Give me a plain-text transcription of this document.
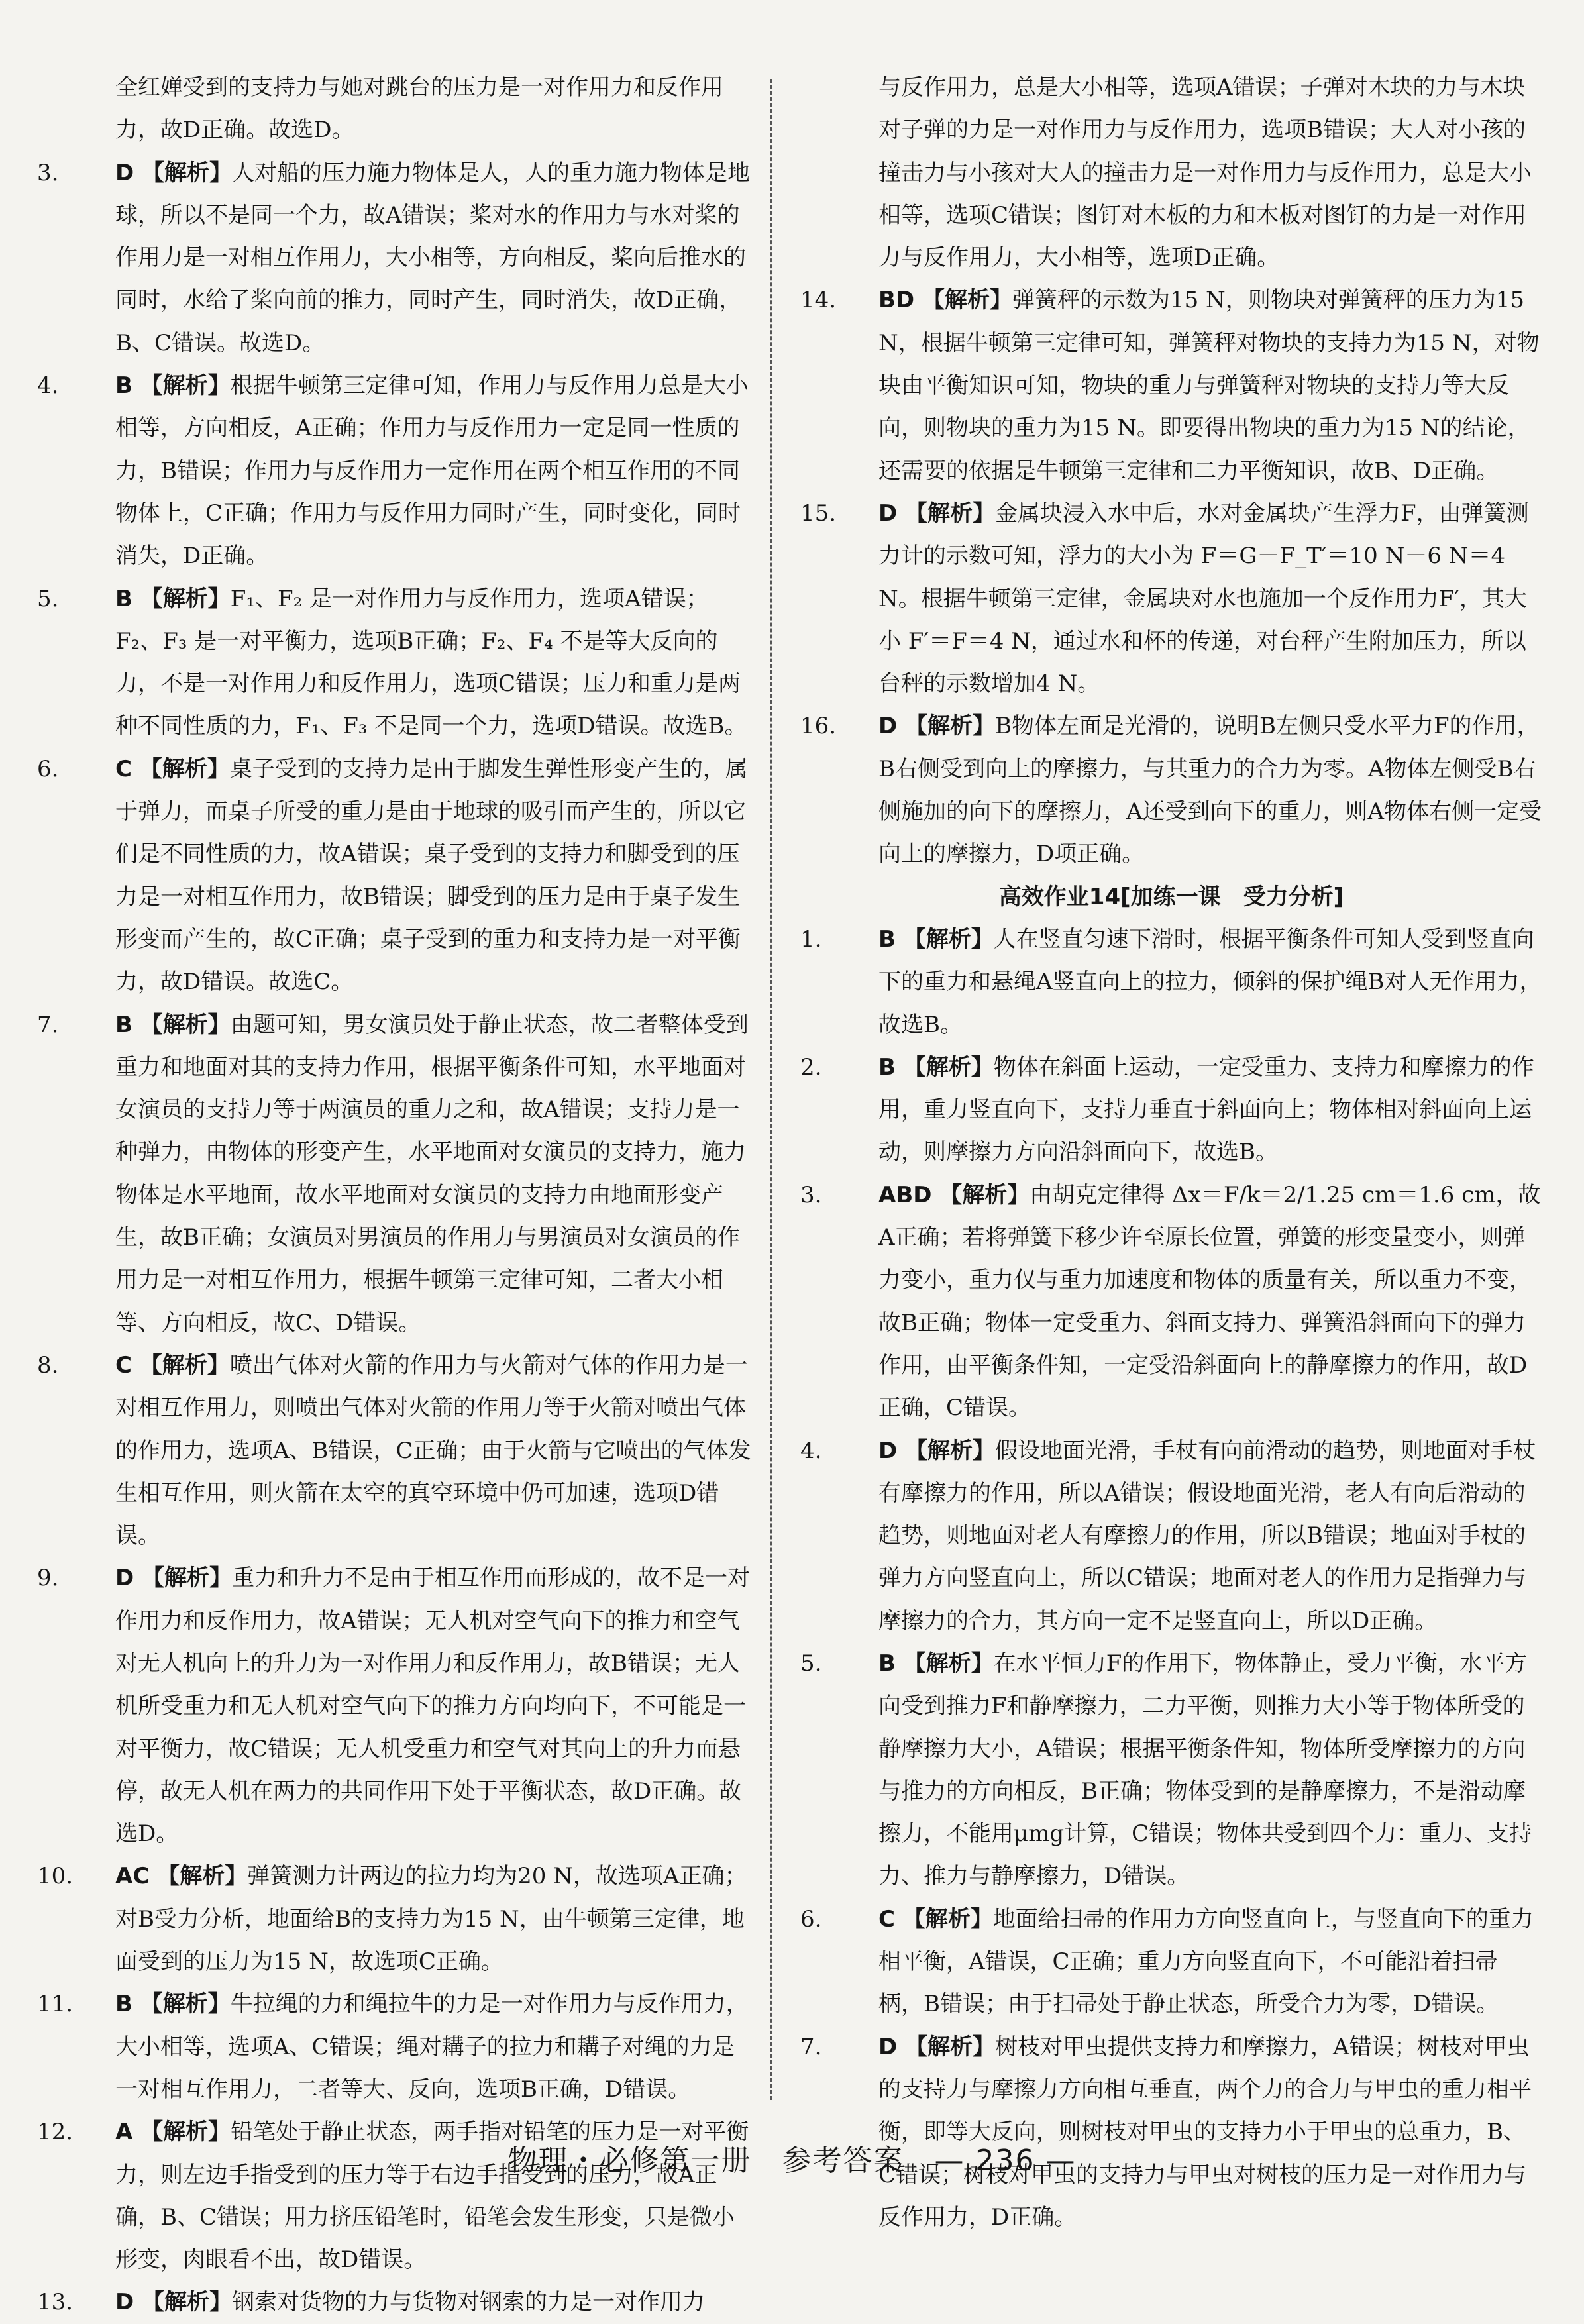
全红婵受到的支持力与她对跳台的压力是一对作用力和反作用力，故D正确。故选D。
3.	D 【解析】人对船的压力施力物体是人，人的重力施力物体是地球，所以不是同一个力，故A错误；桨对水的作用力与水对桨的作用力是一对相互作用力，大小相等，方向相反，桨向后推水的同时，水给了桨向前的推力，同时产生，同时消失，故D正确，B、C错误。故选D。
4.	B 【解析】根据牛顿第三定律可知，作用力与反作用力总是大小相等，方向相反，A正确；作用力与反作用力一定是同一性质的力，B错误；作用力与反作用力一定作用在两个相互作用的不同物体上，C正确；作用力与反作用力同时产生，同时变化，同时消失，D正确。
5.	B 【解析】F₁、F₂ 是一对作用力与反作用力，选项A错误；F₂、F₃ 是一对平衡力，选项B正确；F₂、F₄ 不是等大反向的力，不是一对作用力和反作用力，选项C错误；压力和重力是两种不同性质的力，F₁、F₃ 不是同一个力，选项D错误。故选B。
6.	C 【解析】桌子受到的支持力是由于脚发生弹性形变产生的，属于弹力，而桌子所受的重力是由于地球的吸引而产生的，所以它们是不同性质的力，故A错误；桌子受到的支持力和脚受到的压力是一对相互作用力，故B错误；脚受到的压力是由于桌子发生形变而产生的，故C正确；桌子受到的重力和支持力是一对平衡力，故D错误。故选C。
7.	B 【解析】由题可知，男女演员处于静止状态，故二者整体受到重力和地面对其的支持力作用，根据平衡条件可知，水平地面对女演员的支持力等于两演员的重力之和，故A错误；支持力是一种弹力，由物体的形变产生，水平地面对女演员的支持力，施力物体是水平地面，故水平地面对女演员的支持力由地面形变产生，故B正确；女演员对男演员的作用力与男演员对女演员的作用力是一对相互作用力，根据牛顿第三定律可知，二者大小相等、方向相反，故C、D错误。
8.	C 【解析】喷出气体对火箭的作用力与火箭对气体的作用力是一对相互作用力，则喷出气体对火箭的作用力等于火箭对喷出气体的作用力，选项A、B错误，C正确；由于火箭与它喷出的气体发生相互作用，则火箭在太空的真空环境中仍可加速，选项D错误。
9.	D 【解析】重力和升力不是由于相互作用而形成的，故不是一对作用力和反作用力，故A错误；无人机对空气向下的推力和空气对无人机向上的升力为一对作用力和反作用力，故B错误；无人机所受重力和无人机对空气向下的推力方向均向下，不可能是一对平衡力，故C错误；无人机受重力和空气对其向上的升力而悬停，故无人机在两力的共同作用下处于平衡状态，故D正确。故选D。
10. AC 【解析】弹簧测力计两边的拉力均为20 N，故选项A正确；对B受力分析，地面给B的支持力为15 N，由牛顿第三定律，地面受到的压力为15 N，故选项C正确。
11. B 【解析】牛拉绳的力和绳拉牛的力是一对作用力与反作用力，大小相等，选项A、C错误；绳对耩子的拉力和耩子对绳的力是一对相互作用力，二者等大、反向，选项B正确，D错误。
12. A 【解析】铅笔处于静止状态，两手指对铅笔的压力是一对平衡力，则左边手指受到的压力等于右边手指受到的压力，故A正确，B、C错误；用力挤压铅笔时，铅笔会发生形变，只是微小形变，肉眼看不出，故D错误。
13. D 【解析】钢索对货物的力与货物对钢索的力是一对作用力
与反作用力，总是大小相等，选项A错误；子弹对木块的力与木块对子弹的力是一对作用力与反作用力，选项B错误；大人对小孩的撞击力与小孩对大人的撞击力是一对作用力与反作用力，总是大小相等，选项C错误；图钉对木板的力和木板对图钉的力是一对作用力与反作用力，大小相等，选项D正确。
14. BD 【解析】弹簧秤的示数为15 N，则物块对弹簧秤的压力为15 N，根据牛顿第三定律可知，弹簧秤对物块的支持力为15 N，对物块由平衡知识可知，物块的重力与弹簧秤对物块的支持力等大反向，则物块的重力为15 N。即要得出物块的重力为15 N的结论，还需要的依据是牛顿第三定律和二力平衡知识，故B、D正确。
15. D 【解析】金属块浸入水中后，水对金属块产生浮力F，由弹簧测力计的示数可知，浮力的大小为 F＝G－F_T′＝10 N－6 N＝4 N。根据牛顿第三定律，金属块对水也施加一个反作用力F′，其大小 F′＝F＝4 N，通过水和杯的传递，对台秤产生附加压力，所以台秤的示数增加4 N。
16. D 【解析】B物体左面是光滑的，说明B左侧只受水平力F的作用，B右侧受到向上的摩擦力，与其重力的合力为零。A物体左侧受B右侧施加的向下的摩擦力，A还受到向下的重力，则A物体右侧一定受向上的摩擦力，D项正确。
高效作业14[加练一课　受力分析]
1.	B 【解析】人在竖直匀速下滑时，根据平衡条件可知人受到竖直向下的重力和悬绳A竖直向上的拉力，倾斜的保护绳B对人无作用力，故选B。
2.	B 【解析】物体在斜面上运动，一定受重力、支持力和摩擦力的作用，重力竖直向下，支持力垂直于斜面向上；物体相对斜面向上运动，则摩擦力方向沿斜面向下，故选B。
3.	ABD 【解析】由胡克定律得 Δx＝F/k＝2/1.25 cm＝1.6 cm，故A正确；若将弹簧下移少许至原长位置，弹簧的形变量变小，则弹力变小，重力仅与重力加速度和物体的质量有关，所以重力不变，故B正确；物体一定受重力、斜面支持力、弹簧沿斜面向下的弹力作用，由平衡条件知，一定受沿斜面向上的静摩擦力的作用，故D正确，C错误。
4.	D 【解析】假设地面光滑，手杖有向前滑动的趋势，则地面对手杖有摩擦力的作用，所以A错误；假设地面光滑，老人有向后滑动的趋势，则地面对老人有摩擦力的作用，所以B错误；地面对手杖的弹力方向竖直向上，所以C错误；地面对老人的作用力是指弹力与摩擦力的合力，其方向一定不是竖直向上，所以D正确。
5.	B 【解析】在水平恒力F的作用下，物体静止，受力平衡，水平方向受到推力F和静摩擦力，二力平衡，则推力大小等于物体所受的静摩擦力大小，A错误；根据平衡条件知，物体所受摩擦力的方向与推力的方向相反，B正确；物体受到的是静摩擦力，不是滑动摩擦力，不能用μmg计算，C错误；物体共受到四个力：重力、支持力、推力与静摩擦力，D错误。
6.	C 【解析】地面给扫帚的作用力方向竖直向上，与竖直向下的重力相平衡，A错误，C正确；重力方向竖直向下，不可能沿着扫帚柄，B错误；由于扫帚处于静止状态，所受合力为零，D错误。
7.	D 【解析】树枝对甲虫提供支持力和摩擦力，A错误；树枝对甲虫的支持力与摩擦力方向相互垂直，两个力的合力与甲虫的重力相平衡，即等大反向，则树枝对甲虫的支持力小于甲虫的总重力，B、C错误；树枝对甲虫的支持力与甲虫对树枝的压力是一对作用力与反作用力，D正确。
物理・必修第一册　参考答案　— 236 —
